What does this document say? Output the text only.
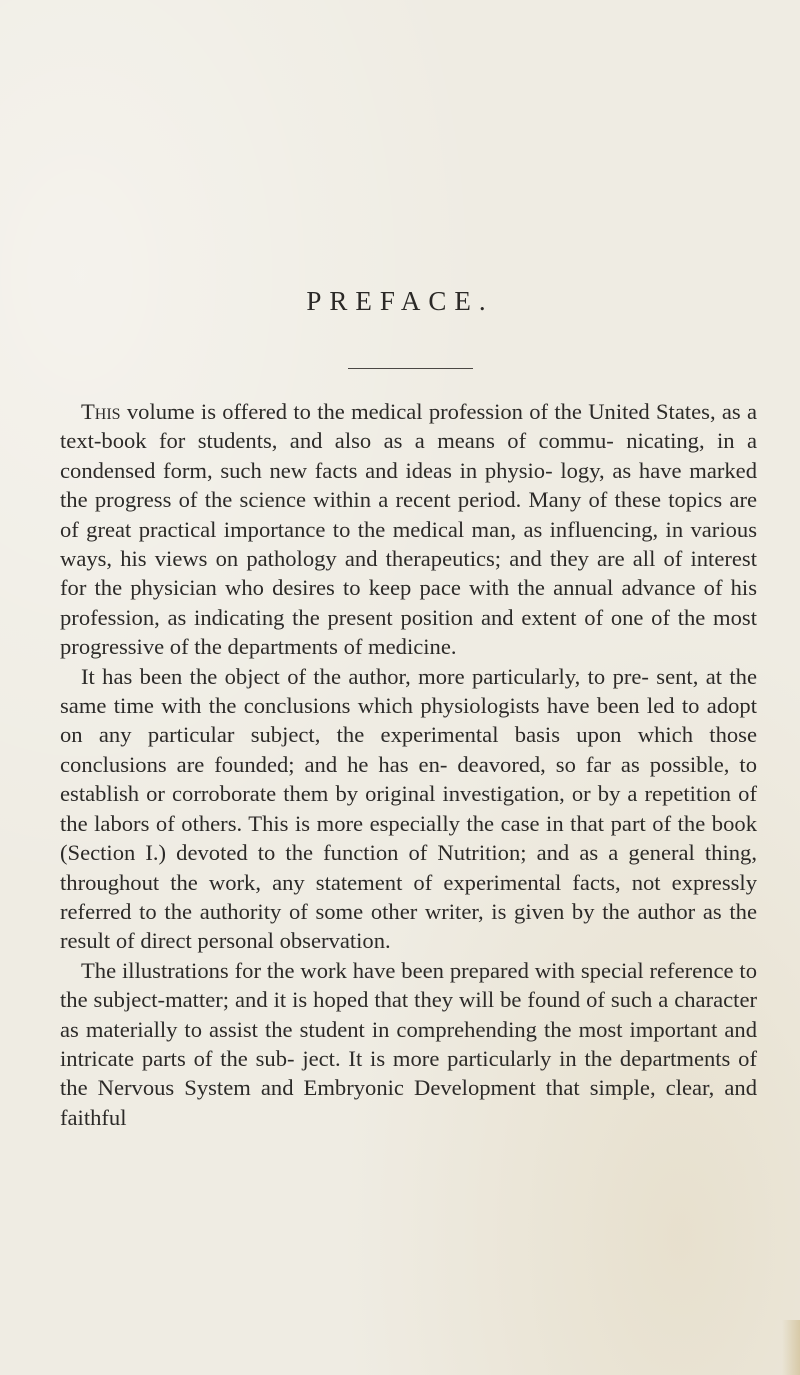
PREFACE.

This volume is offered to the medical profession of the United States, as a text-book for students, and also as a means of commu- nicating, in a condensed form, such new facts and ideas in physio- logy, as have marked the progress of the science within a recent period. Many of these topics are of great practical importance to the medical man, as influencing, in various ways, his views on pathology and therapeutics; and they are all of interest for the physician who desires to keep pace with the annual advance of his profession, as indicating the present position and extent of one of the most progressive of the departments of medicine.

It has been the object of the author, more particularly, to pre- sent, at the same time with the conclusions which physiologists have been led to adopt on any particular subject, the experimental basis upon which those conclusions are founded; and he has en- deavored, so far as possible, to establish or corroborate them by original investigation, or by a repetition of the labors of others. This is more especially the case in that part of the book (Section I.) devoted to the function of Nutrition; and as a general thing, throughout the work, any statement of experimental facts, not expressly referred to the authority of some other writer, is given by the author as the result of direct personal observation.

The illustrations for the work have been prepared with special reference to the subject-matter; and it is hoped that they will be found of such a character as materially to assist the student in comprehending the most important and intricate parts of the sub- ject. It is more particularly in the departments of the Nervous System and Embryonic Development that simple, clear, and faithful
